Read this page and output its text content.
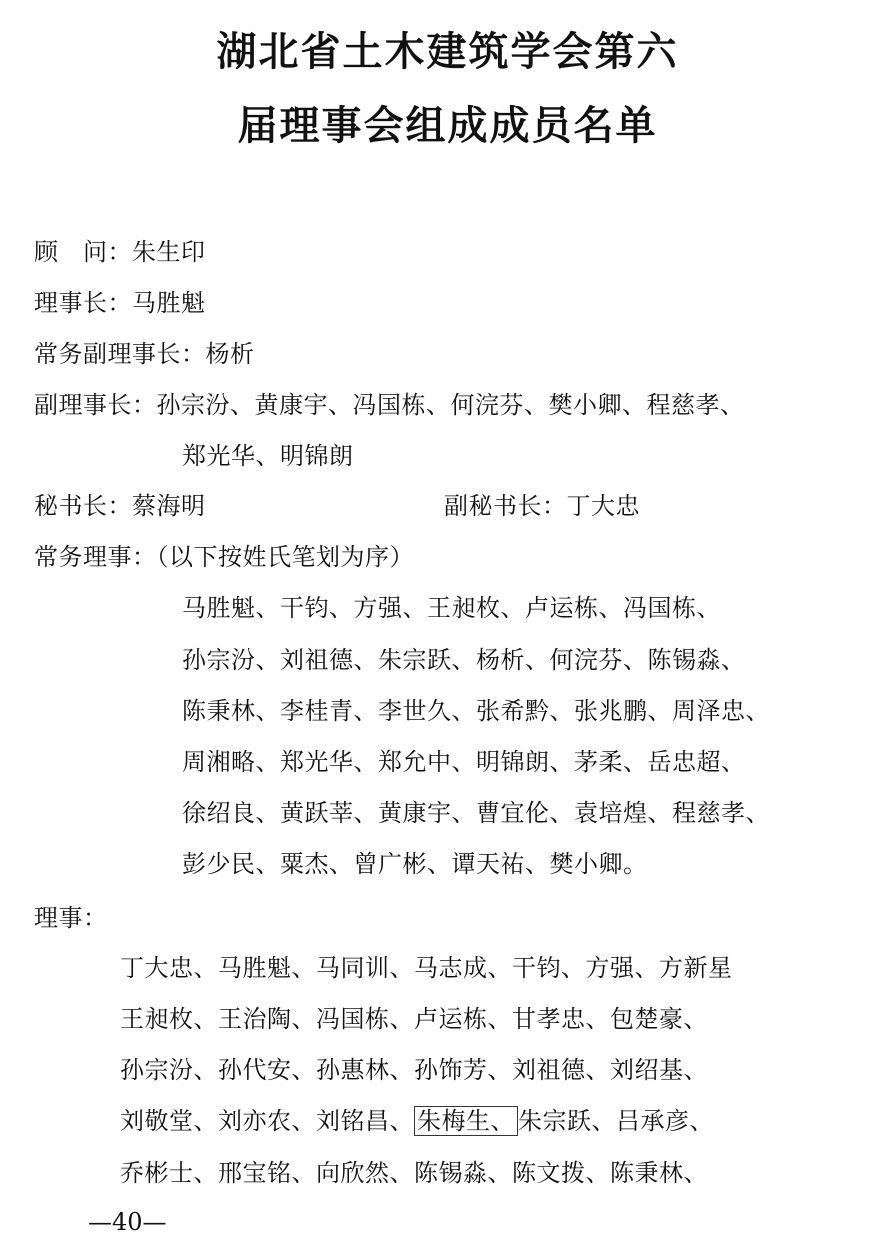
湖北省土木建筑学会第六
届理事会组成成员名单

顾　问：朱生印

理事长：马胜魁

常务副理事长：杨析

副理事长：孙宗汾、黄康宇、冯国栋、何浣芬、樊小卿、程慈孝、

郑光华、明锦朗

秘书长：蔡海明	副秘书长：丁大忠

常务理事：（以下按姓氏笔划为序）

马胜魁、干钧、方强、王昶枚、卢运栋、冯国栋、

孙宗汾、刘祖德、朱宗跃、杨析、何浣芬、陈锡淼、

陈秉林、李桂青、李世久、张希黔、张兆鹏、周泽忠、

周湘略、郑光华、郑允中、明锦朗、茅柔、岳忠超、

徐绍良、黄跃莘、黄康宇、曹宜伦、袁培煌、程慈孝、

彭少民、粟杰、曾广彬、谭天祐、樊小卿。

理事：

丁大忠、马胜魁、马同训、马志成、干钧、方强、方新星

王昶枚、王治陶、冯国栋、卢运栋、甘孝忠、包楚豪、

孙宗汾、孙代安、孙惠林、孙饰芳、刘祖德、刘绍基、

刘敬堂、刘亦农、刘铭昌、 朱梅生、 朱宗跃、吕承彦、

乔彬士、邢宝铭、向欣然、陈锡淼、陈文拨、陈秉林、

—40—
